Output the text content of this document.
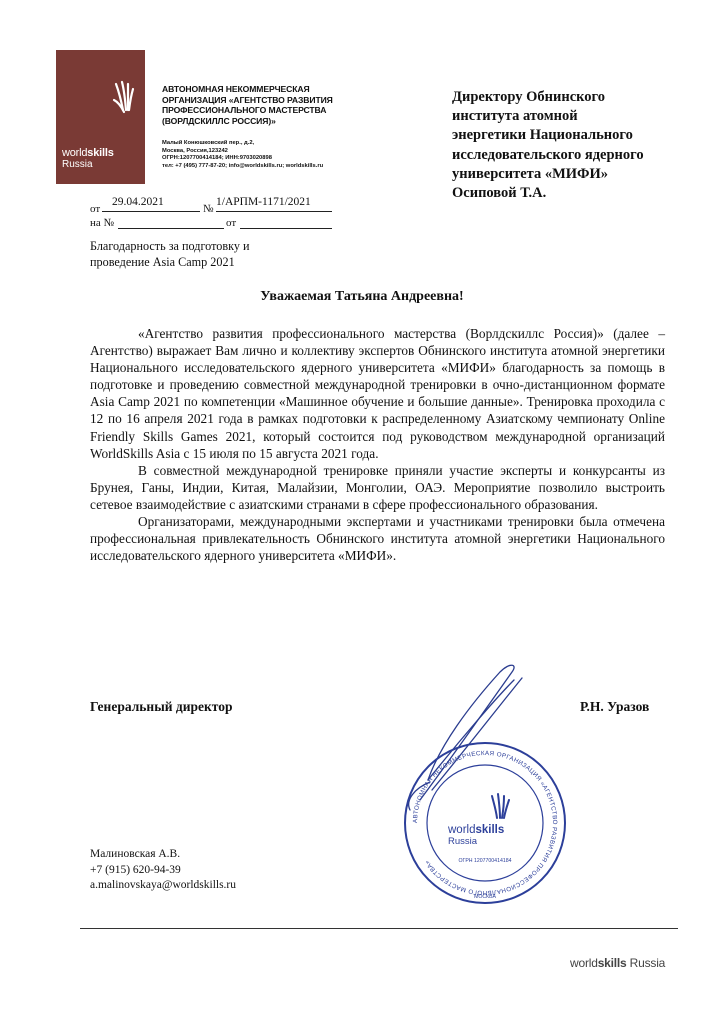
worldskills
Russia
АВТОНОМНАЯ НЕКОММЕРЧЕСКАЯ
ОРГАНИЗАЦИЯ «АГЕНТСТВО РАЗВИТИЯ
ПРОФЕССИОНАЛЬНОГО МАСТЕРСТВА
(ВОРЛДСКИЛЛС РОССИЯ)»
Малый Конюшковский пер., д.2,
Москва, Россия,123242
ОГРН:1207700414184; ИНН:9703020898
тел: +7 (495) 777-87-20; info@worldskills.ru; worldskills.ru
Директору Обнинского
института атомной
энергетики Национального
исследовательского ядерного
университета «МИФИ»
Осиповой Т.А.
от
29.04.2021
№
1/АРПМ-1171/2021
на №	от
Благодарность за подготовку и
проведение Asia Camp 2021
Уважаемая Татьяна Андреевна!

«Агентство развития профессионального мастерства (Ворлдскиллс Россия)» (далее – Агентство) выражает Вам лично и коллективу экспертов Обнинского института атомной энергетики Национального исследовательского ядерного университета «МИФИ» благодарность за помощь в подготовке и проведению совместной международной тренировки в очно-дистанционном формате Asia Camp 2021 по компетенции «Машинное обучение и большие данные». Тренировка проходила с 12 по 16 апреля 2021 года в рамках подготовки к распределенному Азиатскому чемпионату Online Friendly Skills Games 2021, который состоится под руководством международной организаций WorldSkills Asia с 15 июля по 15 августа 2021 года.

В совместной международной тренировке приняли участие эксперты и конкурсанты из Брунея, Ганы, Индии, Китая, Малайзии, Монголии, ОАЭ. Мероприятие позволило выстроить сетевое взаимодействие с азиатскими странами в сфере профессионального образования.

Организаторами, международными экспертами и участниками тренировки была отмечена профессиональная привлекательность Обнинского института атомной энергетики Национального исследовательского ядерного университета «МИФИ».

АВТОНОМНАЯ НЕКОММЕРЧЕСКАЯ ОРГАНИЗАЦИЯ «АГЕНТСТВО РАЗВИТИЯ ПРОФЕССИОНАЛЬНОГО МАСТЕРСТВА»
worldskills
Russia
ОГРН 1207700414184
МОСКВА
Генеральный директор	Р.Н. Уразов
Малиновская А.В.
+7 (915) 620-94-39
a.malinovskaya@worldskills.ru
worldskills Russia
